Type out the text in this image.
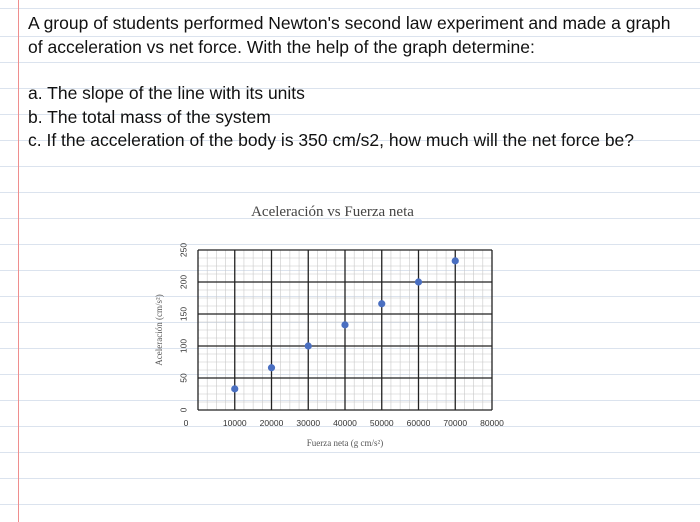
A group of students performed Newton's second law experiment and made a graph of acceleration vs net force. With the help of the graph determine:

a. The slope of the line with its units

b. The total mass of the system

c. If the acceleration of the body is 350 cm/s2, how much will the net force be?

Aceleración vs Fuerza neta
0	10000 20000 30000 40000 50000 60000 70000 80000
0
50
100
150
200
250
Fuerza neta (g cm/s²)
Aceleración (cm/s²)
